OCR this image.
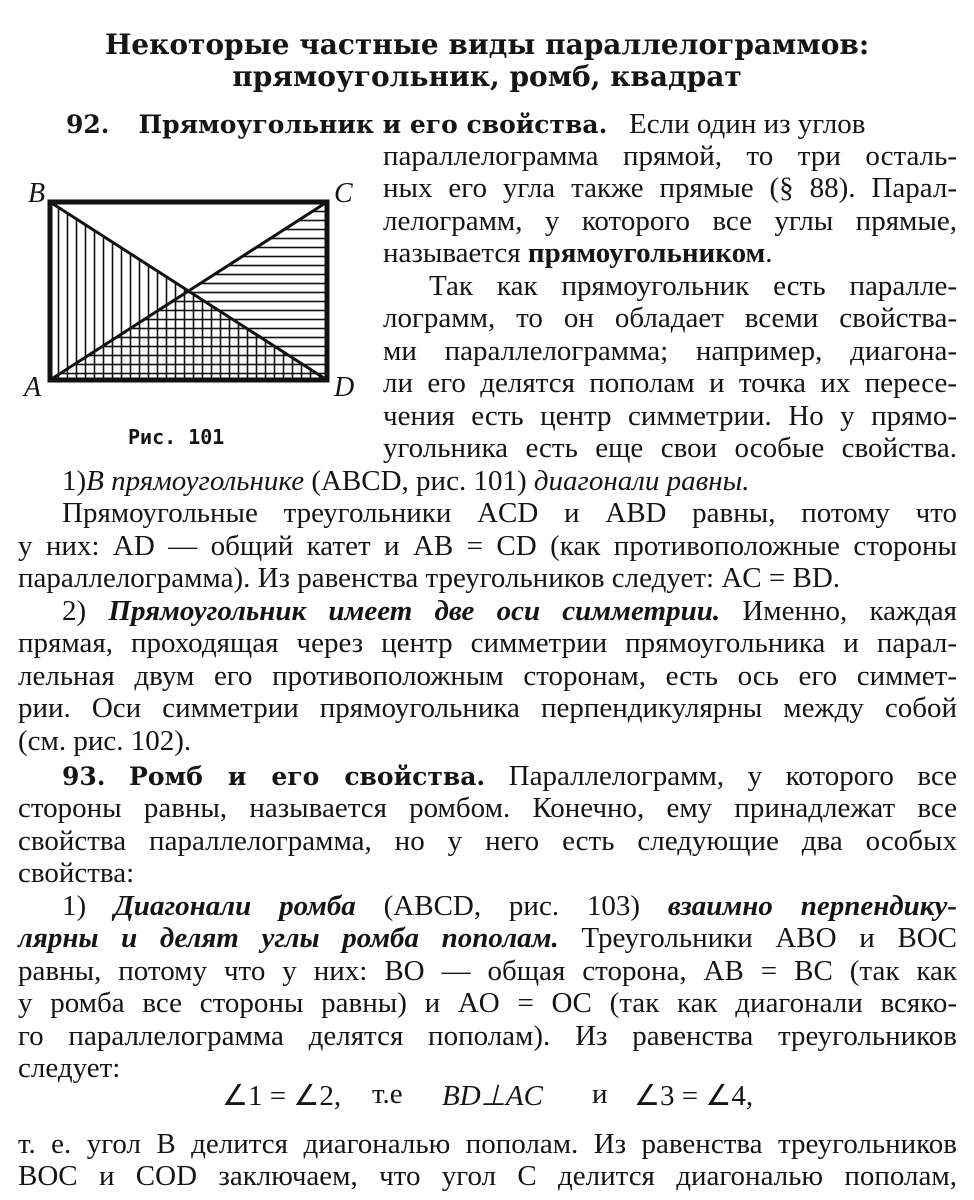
Некоторые частные виды параллелограммов:
прямоугольник, ромб, квадрат
92. Прямоугольник и его свойства. Если один из углов
B	C
A	D
Рис. 101
параллелограмма прямой, то три осталь-
ных его угла также прямые (§ 88). Парал-
лелограмм, у которого все углы прямые,
называется прямоугольником.
Так как прямоугольник есть паралле-
лограмм, то он обладает всеми свойства-
ми параллелограмма; например, диагона-
ли его делятся пополам и точка их пересе-
чения есть центр симметрии. Но у прямо-
угольника есть еще свои особые свойства.
1)В прямоугольнике (ABCD, рис. 101) диагонали равны.
Прямоугольные треугольники ACD и ABD равны, потому что
у них: AD — общий катет и AB = CD (как противоположные стороны
параллелограмма). Из равенства треугольников следует: AC = BD.
2) Прямоугольник имеет две оси симметрии. Именно, каждая
прямая, проходящая через центр симметрии прямоугольника и парал-
лельная двум его противоположным сторонам, есть ось его симмет-
рии. Оси симметрии прямоугольника перпендикулярны между собой
(см. рис. 102).
93. Ромб и его свойства. Параллелограмм, у которого все
стороны равны, называется ромбом. Конечно, ему принадлежат все
свойства параллелограмма, но у него есть следующие два особых
свойства:
1) Диагонали ромба (ABCD, рис. 103) взаимно перпендику-
лярны и делят углы ромба пополам. Треугольники ABO и BOC
равны, потому что у них: BO — общая сторона, AB = BC (так как
у ромба все стороны равны) и AO = OC (так как диагонали всяко-
го параллелограмма делятся пополам). Из равенства треугольников
следует:
∠1 = ∠2, т.е BD⊥AC и ∠3 = ∠4,
т. е. угол B делится диагональю пополам. Из равенства треугольников
BOC и COD заключаем, что угол C делится диагональю пополам,
